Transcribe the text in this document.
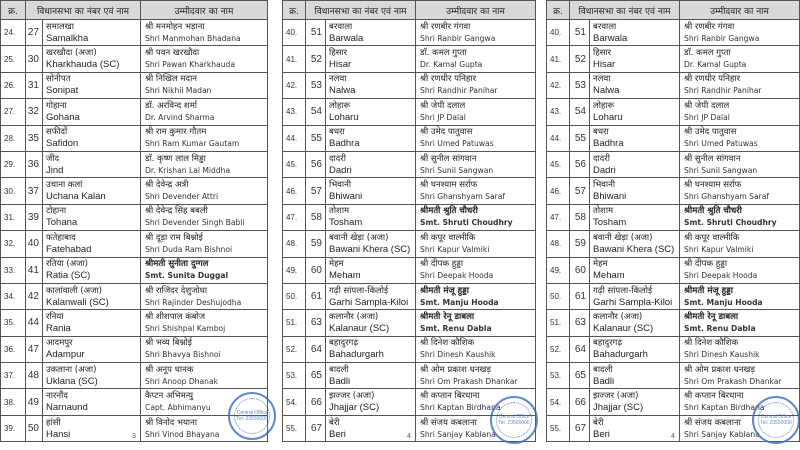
क्र.	विधानसभा का नंबर एवं नाम		उम्मीदवार का नाम
24.	27	समालखा
Samalkha	श्री मनमोहन भड़ाना
Shri Manmohan Bhadana

25.	30	खरखौदा (अजा)
Kharkhauda (SC)	श्री पवन खरखौदा
Shri Pawan Kharkhauda

26.	31	सोनीपत
Sonipat	श्री निखिल मदान
Shri Nikhil Madan

27.	32	गोहाना
Gohana	डॉ. अरविन्द शर्मा
Dr. Arvind Sharma

28.	35	सफीदों
Safidon	श्री राम कुमार गौतम
Shri Ram Kumar Gautam

29.	36	जींद
Jind	डॉ. कृष्ण लाल मिड्ढा
Dr. Krishan Lal Middha

30.	37	उचाना कलां
Uchana Kalan	श्री देवेन्द्र अत्री
Shri Devender Attri

31.	39	टोहाना
Tohana	श्री देवेन्द्र सिंह बबली
Shri Devender Singh Babli

32.	40	फतेहाबाद
Fatehabad	श्री दूड़ा राम बिश्नोई
Shri Duda Ram Bishnoi

33.	41	रतिया (अजा)
Ratia (SC)	श्रीमती सुनीता दुग्गल
Smt. Sunita Duggal

34.	42	कालांवाली (अजा)
Kalanwali (SC)	श्री राजिंदर देशुजोधा
Shri Rajinder Deshujodha

35.	44	रनिया
Rania	श्री शीशपाल कंबोज
Shri Shishpal Kamboj

36.	47	आदमपुर
Adampur	श्री भव्य बिश्नोई
Shri Bhavya Bishnoi

37.	48	उकलाना (अजा)
Uklana (SC)	श्री अनूप धानक
Shri Anoop Dhanak

38.	49	नारनौंद
Narnaund	कैप्टन अभिमन्यु
Capt. Abhimanyu

39.	50	हांसी
Hansi	श्री विनोद भयाना
Shri Vinod Bhayana
3
क्र.	विधानसभा का नंबर एवं नाम		उम्मीदवार का नाम
40.	51	बरवाला
Barwala	श्री रणबीर गंगवा
Shri Ranbir Gangwa

41.	52	हिसार
Hisar	डॉ. कमल गुप्ता
Dr. Kamal Gupta

42.	53	नलवा
Nalwa	श्री रणधीर पनिहार
Shri Randhir Panihar

43.	54	लोहारू
Loharu	श्री जेपी दलाल
Shri JP Dalal

44.	55	बधरा
Badhra	श्री उमेद पातुवास
Shri Umed Patuwas

45.	56	दादरी
Dadri	श्री सुनील सांगवान
Shri Sunil Sangwan

46.	57	भिवानी
Bhiwani	श्री घनश्याम सर्राफ
Shri Ghanshyam Saraf

47.	58	तोशाम
Tosham	श्रीमती श्रुति चौधरी
Smt. Shruti Choudhry

48.	59	बवानी खेड़ा (अजा)
Bawani Khera (SC)	श्री कपूर वाल्मीकि
Shri Kapur Valmiki

49.	60	मेहम
Meham	श्री दीपक हुड्डा
Shri Deepak Hooda

50.	61	गढ़ी सांपला-किलोई
Garhi Sampla-Kiloi	श्रीमती मंजू हुड्डा
Smt. Manju Hooda

51.	63	कलानौर (अजा)
Kalanaur (SC)	श्रीमती रेनू डाबला
Smt. Renu Dabla

52.	64	बहादुरगढ़
Bahadurgarh	श्री दिनेश कौशिक
Shri Dinesh Kaushik

53.	65	बादली
Badli	श्री ओम प्रकाश धनखड़
Shri Om Prakash Dhankar

54.	66	झज्जर (अजा)
Jhajjar (SC)	श्री कप्तान बिरधाना
Shri Kaptan Birdhana

55.	67	बेरी
Beri	श्री संजय कबलाना
Shri Sanjay Kablana
4
क्र.	विधानसभा का नंबर एवं नाम		उम्मीदवार का नाम
40.	51	बरवाला
Barwala	श्री रणबीर गंगवा
Shri Ranbir Gangwa

41.	52	हिसार
Hisar	डॉ. कमल गुप्ता
Dr. Kamal Gupta

42.	53	नलवा
Nalwa	श्री रणधीर पनिहार
Shri Randhir Panihar

43.	54	लोहारू
Loharu	श्री जेपी दलाल
Shri JP Dalal

44.	55	बधरा
Badhra	श्री उमेद पातुवास
Shri Umed Patuwas

45.	56	दादरी
Dadri	श्री सुनील सांगवान
Shri Sunil Sangwan

46.	57	भिवानी
Bhiwani	श्री घनश्याम सर्राफ
Shri Ghanshyam Saraf

47.	58	तोशाम
Tosham	श्रीमती श्रुति चौधरी
Smt. Shruti Choudhry

48.	59	बवानी खेड़ा (अजा)
Bawani Khera (SC)	श्री कपूर वाल्मीकि
Shri Kapur Valmiki

49.	60	मेहम
Meham	श्री दीपक हुड्डा
Shri Deepak Hooda

50.	61	गढ़ी सांपला-किलोई
Garhi Sampla-Kiloi	श्रीमती मंजू हुड्डा
Smt. Manju Hooda

51.	63	कलानौर (अजा)
Kalanaur (SC)	श्रीमती रेनू डाबला
Smt. Renu Dabla

52.	64	बहादुरगढ़
Bahadurgarh	श्री दिनेश कौशिक
Shri Dinesh Kaushik

53.	65	बादली
Badli	श्री ओम प्रकाश धनखड़
Shri Om Prakash Dhankar

54.	66	झज्जर (अजा)
Jhajjar (SC)	श्री कप्तान बिरधाना
Shri Kaptan Birdhana

55.	67	बेरी
Beri	श्री संजय कबलाना
Shri Sanjay Kablana
4
Central Office
Tel: 23500000	Central Office
Tel: 23500000
Central Office
Tel: 23500000
